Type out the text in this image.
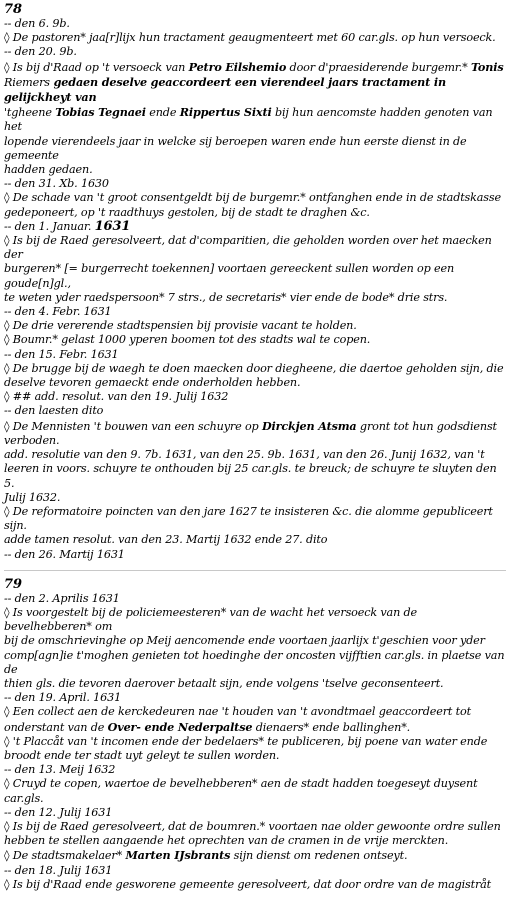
78

-- den 6. 9b.

◊ De pastoren* jaa[r]lijx hun tractament geaugmenteert met 60 car.gls. op hun versoeck.

-- den 20. 9b.

◊ Is bij d'Raad op 't versoeck van Petro Eilshemio door d'praesiderende burgemr.* Tonis

Riemers gedaen deselve geaccordeert een vierendeel jaars tractament in gelijckheyt van

'tgheene Tobias Tegnaei ende Rippertus Sixti bij hun aencomste hadden genoten van het

lopende vierendeels jaar in welcke sij beroepen waren ende hun eerste dienst in de gemeente

hadden gedaen.

-- den 31. Xb. 1630

◊ De schade van 't groot consentgeldt bij de burgemr.* ontfanghen ende in de stadtskasse

gedeponeert, op 't raadthuys gestolen, bij de stadt te draghen &c.

-- den 1. Januar. 1631

◊ Is bij de Raed geresolveert, dat d'comparitien, die geholden worden over het maecken der

burgeren* [= burgerrecht toekennen] voortaen gereeckent sullen worden op een goude[n]gl.,

te weten yder raedspersoon* 7 strs., de secretaris* vier ende de bode* drie strs.

-- den 4. Febr. 1631

◊ De drie vererende stadtspensien bij provisie vacant te holden.

◊ Boumr.* gelast 1000 yperen boomen tot des stadts wal te copen.

-- den 15. Febr. 1631

◊ De brugge bij de waegh te doen maecken door diegheene, die daertoe geholden sijn, die

deselve tevoren gemaeckt ende onderholden hebben.

◊ ## add. resolut. van den 19. Julij 1632

-- den laesten dito

◊ De Mennisten 't bouwen van een schuyre op Dirckjen Atsma gront tot hun godsdienst

verboden.

add. resolutie van den 9. 7b. 1631, van den 25. 9b. 1631, van den 26. Junij 1632, van 't

leeren in voors. schuyre te onthouden bij 25 car.gls. te breuck; de schuyre te sluyten den 5.

Julij 1632.

◊ De reformatoire poincten van den jare 1627 te insisteren &c. die alomme gepubliceert sijn.

adde tamen resolut. van den 23. Martij 1632 ende 27. dito

-- den 26. Martij 1631

79

-- den 2. Aprilis 1631

◊ Is voorgestelt bij de policiemeesteren* van de wacht het versoeck van de bevelhebberen* om

bij de omschrievinghe op Meij aencomende ende voortaen jaarlijx t'geschien voor yder

comp[agn]ie t'moghen genieten tot hoedinghe der oncosten vijfftien car.gls. in plaetse van de

thien gls. die tevoren daerover betaalt sijn, ende volgens 'tselve geconsenteert.

-- den 19. April. 1631

◊ Een collect aen de kerckedeuren nae 't houden van 't avondtmael geaccordeert tot

onderstant van de Over- ende Nederpaltse dienaers* ende ballinghen*.

◊ 't Placcåt van 't incomen ende der bedelaers* te publiceren, bij poene van water ende

broodt ende ter stadt uyt geleyt te sullen worden.

-- den 13. Meij 1632

◊ Cruyd te copen, waertoe de bevelhebberen* aen de stadt hadden toegeseyt duysent car.gls.

-- den 12. Julij 1631

◊ Is bij de Raed geresolveert, dat de boumren.* voortaen nae older gewoonte ordre sullen

hebben te stellen aangaende het oprechten van de cramen in de vrije merckten.

◊ De stadtsmakelaer* Marten IJsbrants sijn dienst om redenen ontseyt.

-- den 18. Julij 1631

◊ Is bij d'Raad ende gesworene gemeente geresolveert, dat door ordre van de magistråt
